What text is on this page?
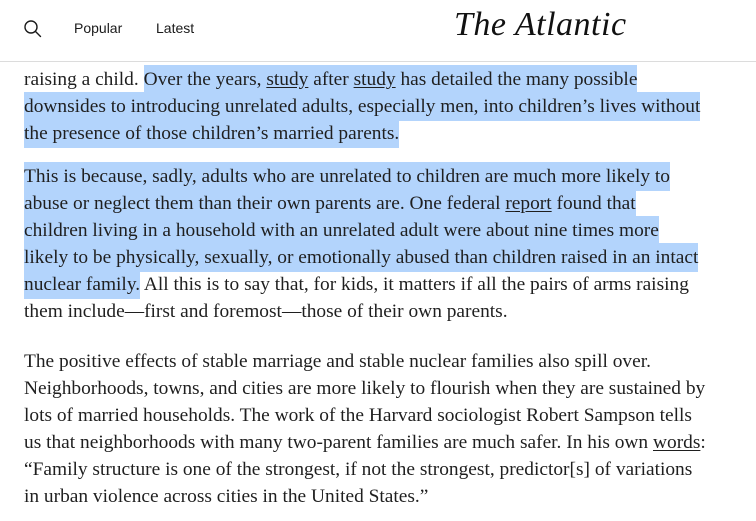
raising a child. Over the years, study after study has detailed the many possible
downsides to introducing unrelated adults, especially men, into children’s lives without
the presence of those children’s married parents.

This is because, sadly, adults who are unrelated to children are much more likely to
abuse or neglect them than their own parents are. One federal report found that
children living in a household with an unrelated adult were about nine times more
likely to be physically, sexually, or emotionally abused than children raised in an intact
nuclear family. All this is to say that, for kids, it matters if all the pairs of arms raising
them include—first and foremost—those of their own parents.

The positive effects of stable marriage and stable nuclear families also spill over.
Neighborhoods, towns, and cities are more likely to flourish when they are sustained by
lots of married households. The work of the Harvard sociologist Robert Sampson tells
us that neighborhoods with many two-parent families are much safer. In his own words:
“Family structure is one of the strongest, if not the strongest, predictor[s] of variations
in urban violence across cities in the United States.”

Popular Latest	The Atlantic
